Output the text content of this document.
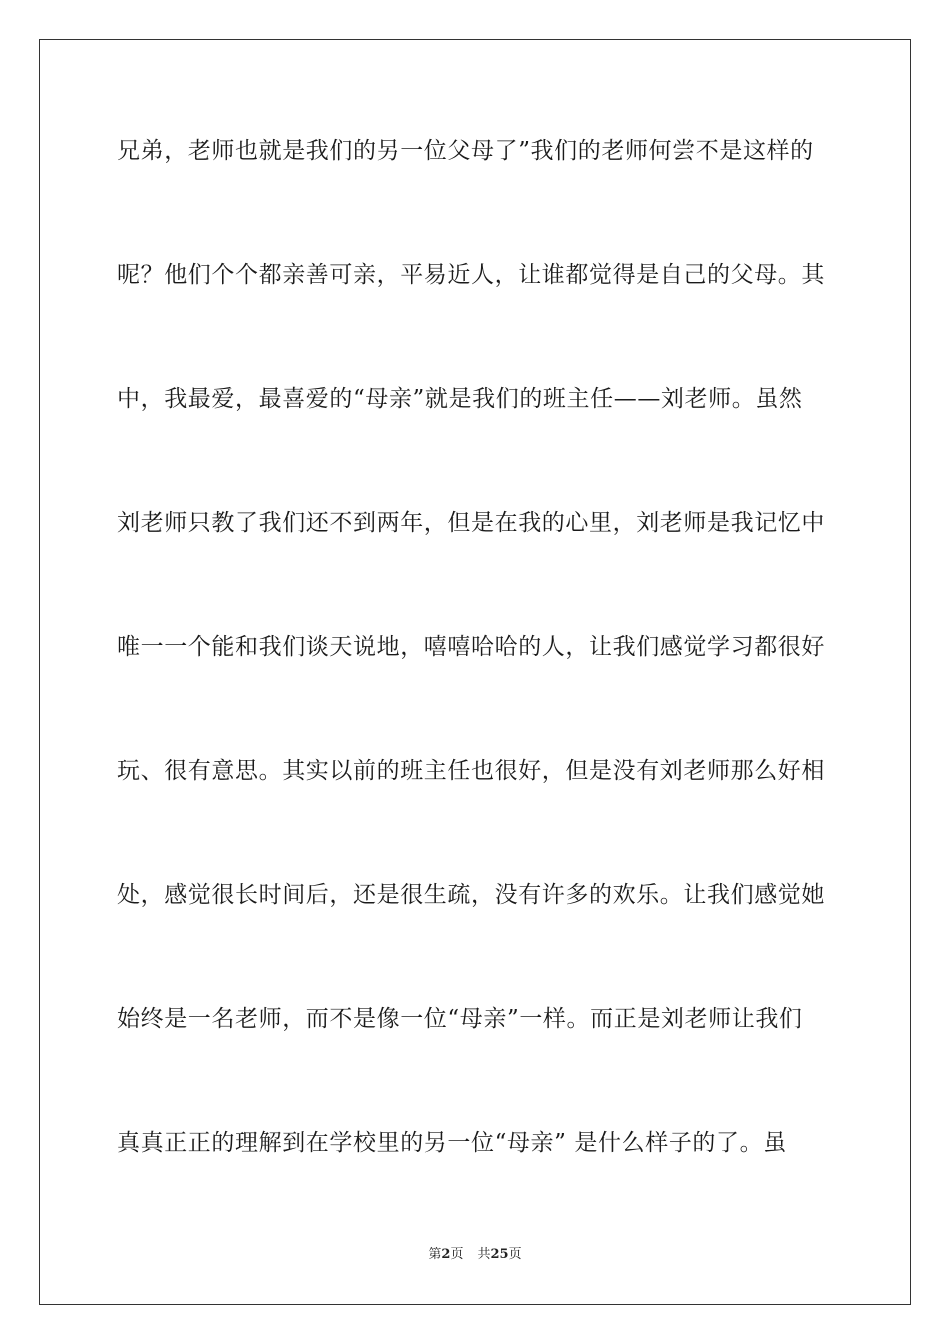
兄弟，老师也就是我们的另一位父母了”我们的老师何尝不是这样的
呢？他们个个都亲善可亲，平易近人，让谁都觉得是自己的父母。其
中，我最爱，最喜爱的“母亲”就是我们的班主任——刘老师。虽然
刘老师只教了我们还不到两年，但是在我的心里，刘老师是我记忆中
唯一一个能和我们谈天说地，嘻嘻哈哈的人，让我们感觉学习都很好
玩、很有意思。其实以前的班主任也很好，但是没有刘老师那么好相
处，感觉很长时间后，还是很生疏，没有许多的欢乐。让我们感觉她
始终是一名老师，而不是像一位“母亲”一样。而正是刘老师让我们
真真正正的理解到在学校里的另一位“母亲” 是什么样子的了。虽
第2页 共25页
